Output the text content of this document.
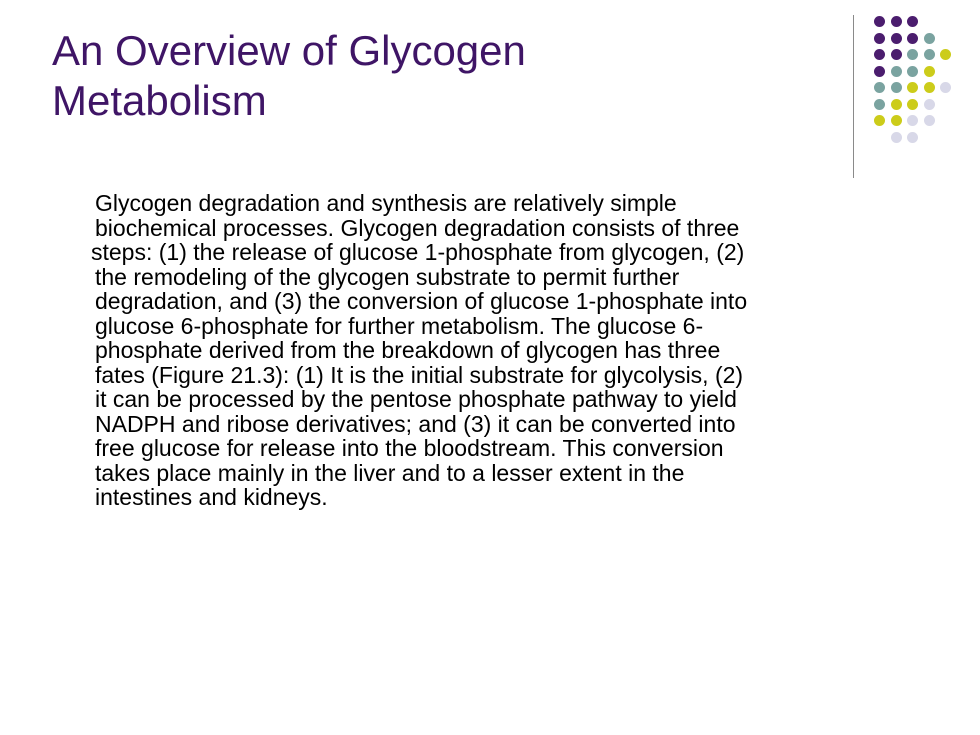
An Overview of Glycogen
Metabolism
Glycogen degradation and synthesis are relatively simple
biochemical processes. Glycogen degradation consists of three
steps: (1) the release of glucose 1-phosphate from glycogen, (2)
the remodeling of the glycogen substrate to permit further
degradation, and (3) the conversion of glucose 1-phosphate into
glucose 6-phosphate for further metabolism. The glucose 6-
phosphate derived from the breakdown of glycogen has three
fates (Figure 21.3): (1) It is the initial substrate for glycolysis, (2)
it can be processed by the pentose phosphate pathway to yield
NADPH and ribose derivatives; and (3) it can be converted into
free glucose for release into the bloodstream. This conversion
takes place mainly in the liver and to a lesser extent in the
intestines and kidneys.
